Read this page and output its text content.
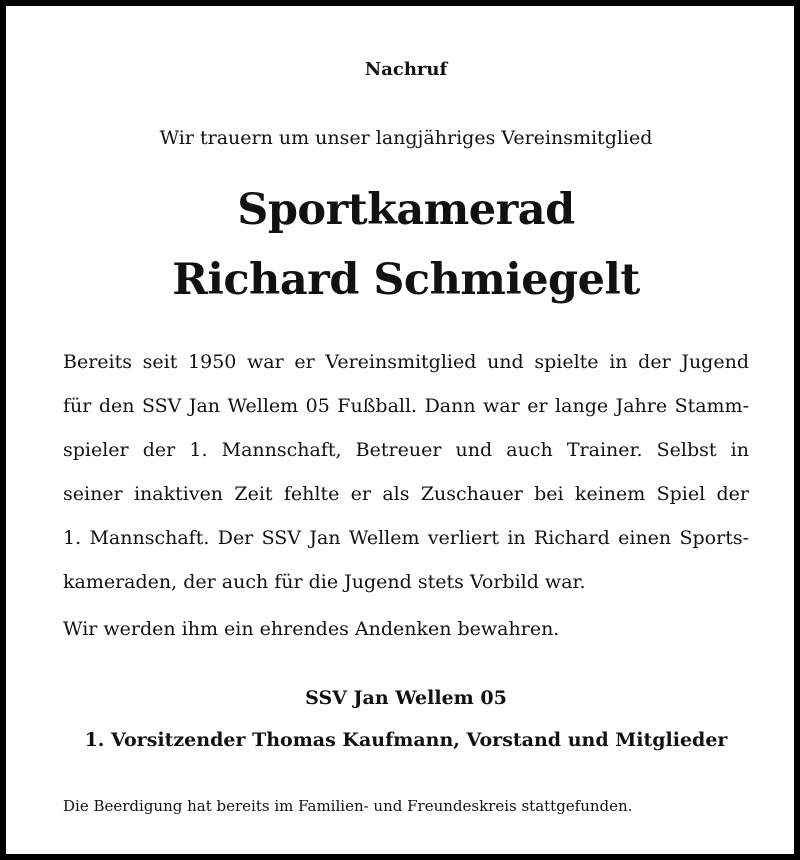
Nachruf
Wir trauern um unser langjähriges Vereinsmitglied
Sportkamerad
Richard Schmiegelt
Bereits seit 1950 war er Vereinsmitglied und spielte in der Jugend
für den SSV Jan Wellem 05 Fußball. Dann war er lange Jahre Stamm-
spieler der 1. Mannschaft, Betreuer und auch Trainer. Selbst in
seiner inaktiven Zeit fehlte er als Zuschauer bei keinem Spiel der
1. Mannschaft. Der SSV Jan Wellem verliert in Richard einen Sports-
kameraden, der auch für die Jugend stets Vorbild war.
Wir werden ihm ein ehrendes Andenken bewahren.
SSV Jan Wellem 05
1. Vorsitzender Thomas Kaufmann, Vorstand und Mitglieder
Die Beerdigung hat bereits im Familien- und Freundeskreis stattgefunden.
